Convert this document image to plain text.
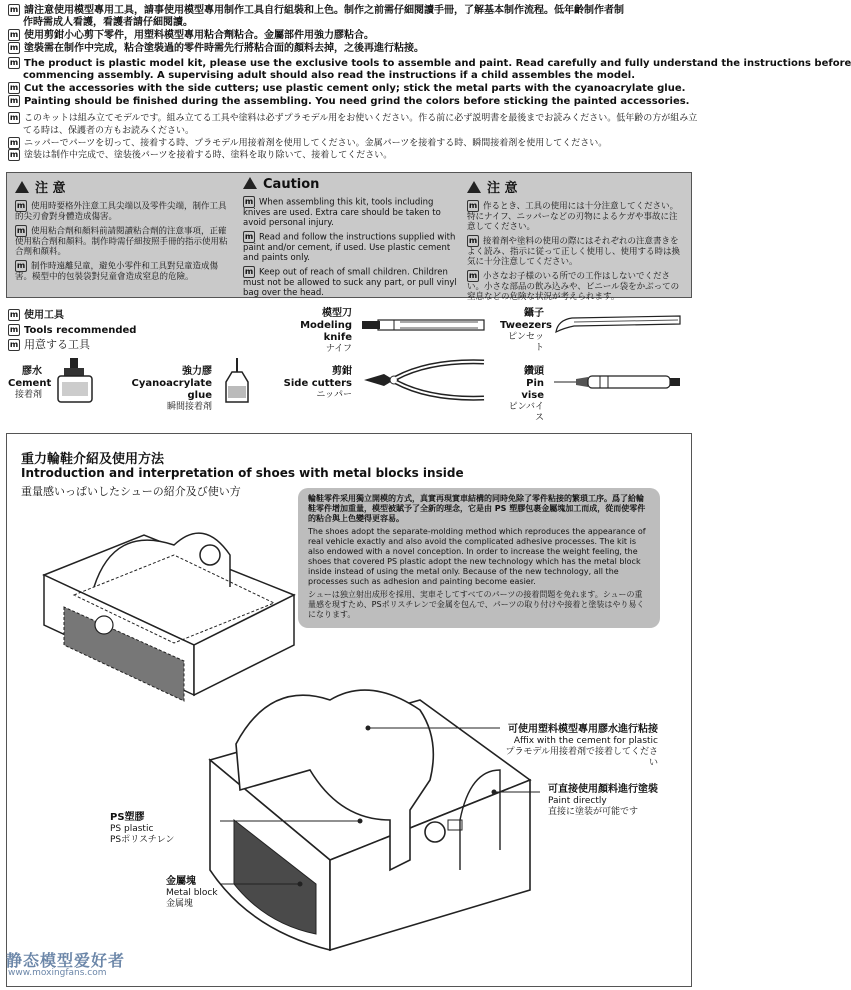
m 請注意使用模型專用工具，請事使用模型專用制作工具自行組裝和上色。制作之前需仔細閱讀手冊，了解基本制作流程。低年齡制作者制
作時需成人看護，看護者請仔細閱讀。
m 使用剪鉗小心剪下零件，用塑料模型專用粘合劑粘合。金屬部件用強力膠粘合。
m 塗裝需在制作中完成，粘合塗裝過的零件時需先行將粘合面的顏料去掉，之後再進行粘接。
m The product is plastic model kit, please use the exclusive tools to assemble and paint. Read carefully and fully understand the instructions before
commencing assembly. A supervising adult should also read the instructions if a child assembles the model.
m Cut the accessories with the side cutters; use plastic cement only; stick the metal parts with the cyanoacrylate glue.
m Painting should be finished during the assembling. You need grind the colors before sticking the painted accessories.
m このキットは組み立てモデルです。組み立てる工具や塗料は必ずプラモデル用をお使いください。作る前に必ず説明書を最後までお読みください。低年齢の方が組み立
てる時は、保護者の方もお読みください。
m ニッパーでパーツを切って、接着する時、プラモデル用接着剤を使用してください。金属パーツを接着する時、瞬間接着剤を使用してください。
m 塗装は制作中完成で、塗装後パーツを接着する時、塗料を取り除いて、接着してください。
注 意
m 使用時要格外注意工具尖端以及零件尖端，制作工具的尖刃會對身體造成傷害。
m 使用粘合劑和顏料前請閱讀粘合劑的注意事項，正確使用粘合劑和顏料。制作時需仔細按照手冊的指示使用粘合劑和顏料。
m 制作時遠離兒童，避免小零件和工具對兒童造成傷害。模型中的包裝袋對兒童會造成窒息的危險。
Caution
m When assembling this kit, tools including knives are used. Extra care should be taken to avoid personal injury.
m Read and follow the instructions supplied with paint and/or cement, if used. Use plastic cement and paints only.
m Keep out of reach of small children. Children must not be allowed to suck any part, or pull vinyl bag over the head.
注 意
m 作るとき、工具の使用には十分注意してください。特にナイフ、ニッパーなどの刃物によるケガや事故に注意してください。
m 接着剤や塗料の使用の際にはそれぞれの注意書きをよく読み、指示に従って正しく使用し、使用する時は換気に十分注意してください。
m 小さなお子様のいる所での工作はしないでください。小さな部品の飲み込みや、ビニール袋をかぶっての窒息などの危険な状況が考えられます。
m 使用工具
m Tools recommended
m 用意する工具
模型刀
Modeling knife
ナイフ
鑷子
Tweezers
ピンセット
膠水
Cement
接着剤
強力膠
Cyanoacrylate glue
瞬間接着剤
剪鉗
Side cutters
ニッパー
鑽頭
Pin vise
ピンバイス
重力輪鞋介紹及使用方法
Introduction and interpretation of shoes with metal blocks inside
重量感いっぱいしたシューの紹介及び使い方

輪鞋零件采用獨立開模的方式，真實再現實車結構的同時免除了零件粘接的繁瑣工序。爲了給輪鞋零件增加重量，模型被賦予了全新的理念，它是由 PS 塑膠包裹金屬塊加工而成，從而使零件的粘合與上色變得更容易。

The shoes adopt the separate-molding method which reproduces the appearance of real vehicle exactly and also avoid the complicated adhesive processes. The kit is also endowed with a novel conception. In order to increase the weight feeling, the shoes that covered PS plastic adopt the new technology which has the metal block inside instead of using the metal only. Because of the new technology, all the processes such as adhesion and painting become easier.

シューは独立射出成形を採用、実車そしてすべてのパーツの接着問題を免れます。シューの重量感を現すため、PSポリスチレンで金属を包んで、パーツの取り付けや接着と塗装はやり易くになります。

可使用塑料模型專用膠水進行粘接
Affix with the cement for plastic
プラモデル用接着剤で接着してください
可直接使用顏料進行塗裝
Paint directly
直接に塗装が可能です
PS塑膠
PS plastic
PSポリスチレン
金屬塊
Metal block
金属塊
静态模型爱好者
www.moxingfans.com
